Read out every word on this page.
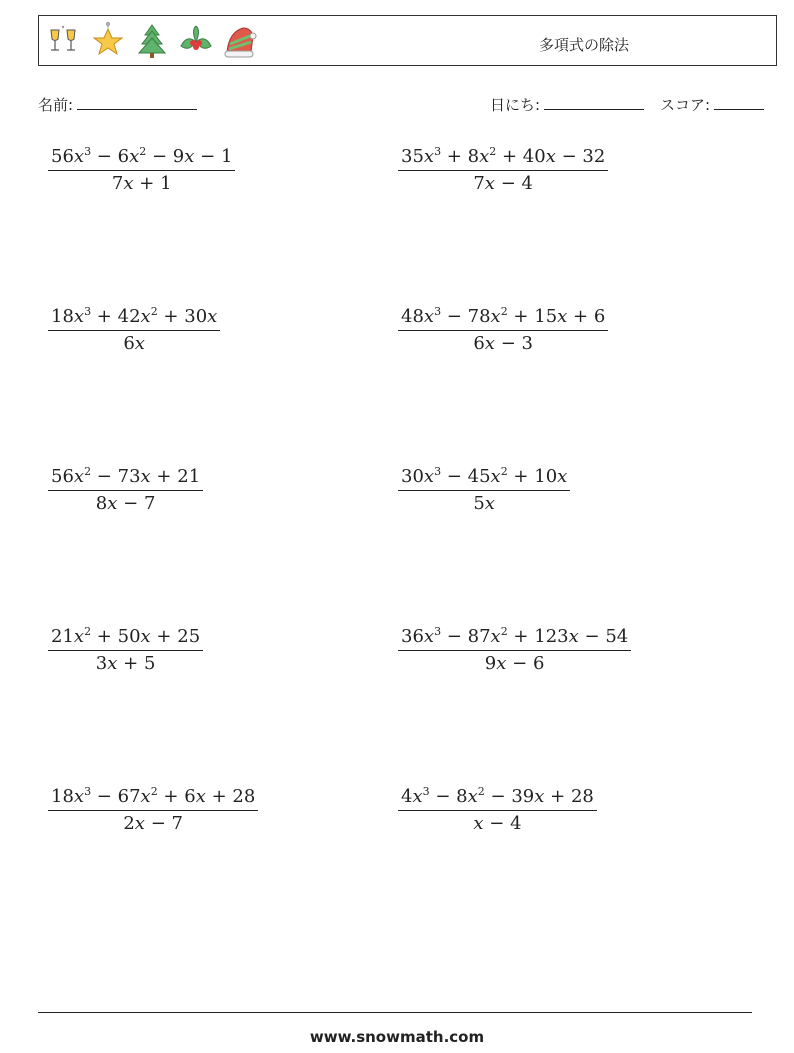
多項式の除法
名前:	日にち:	スコア:
$\frac{56x^3 - 6x^2 - 9x - 1}{7x + 1}$	$\frac{35x^3 + 8x^2 + 40x - 32}{7x - 4}$
$\frac{18x^3 + 42x^2 + 30x}{6x}$	$\frac{48x^3 - 78x^2 + 15x + 6}{6x - 3}$
$\frac{56x^2 - 73x + 21}{8x - 7}$	$\frac{30x^3 - 45x^2 + 10x}{5x}$
$\frac{21x^2 + 50x + 25}{3x + 5}$	$\frac{36x^3 - 87x^2 + 123x - 54}{9x - 6}$
$\frac{18x^3 - 67x^2 + 6x + 28}{2x - 7}$	$\frac{4x^3 - 8x^2 - 39x + 28}{x - 4}$
www.snowmath.com
